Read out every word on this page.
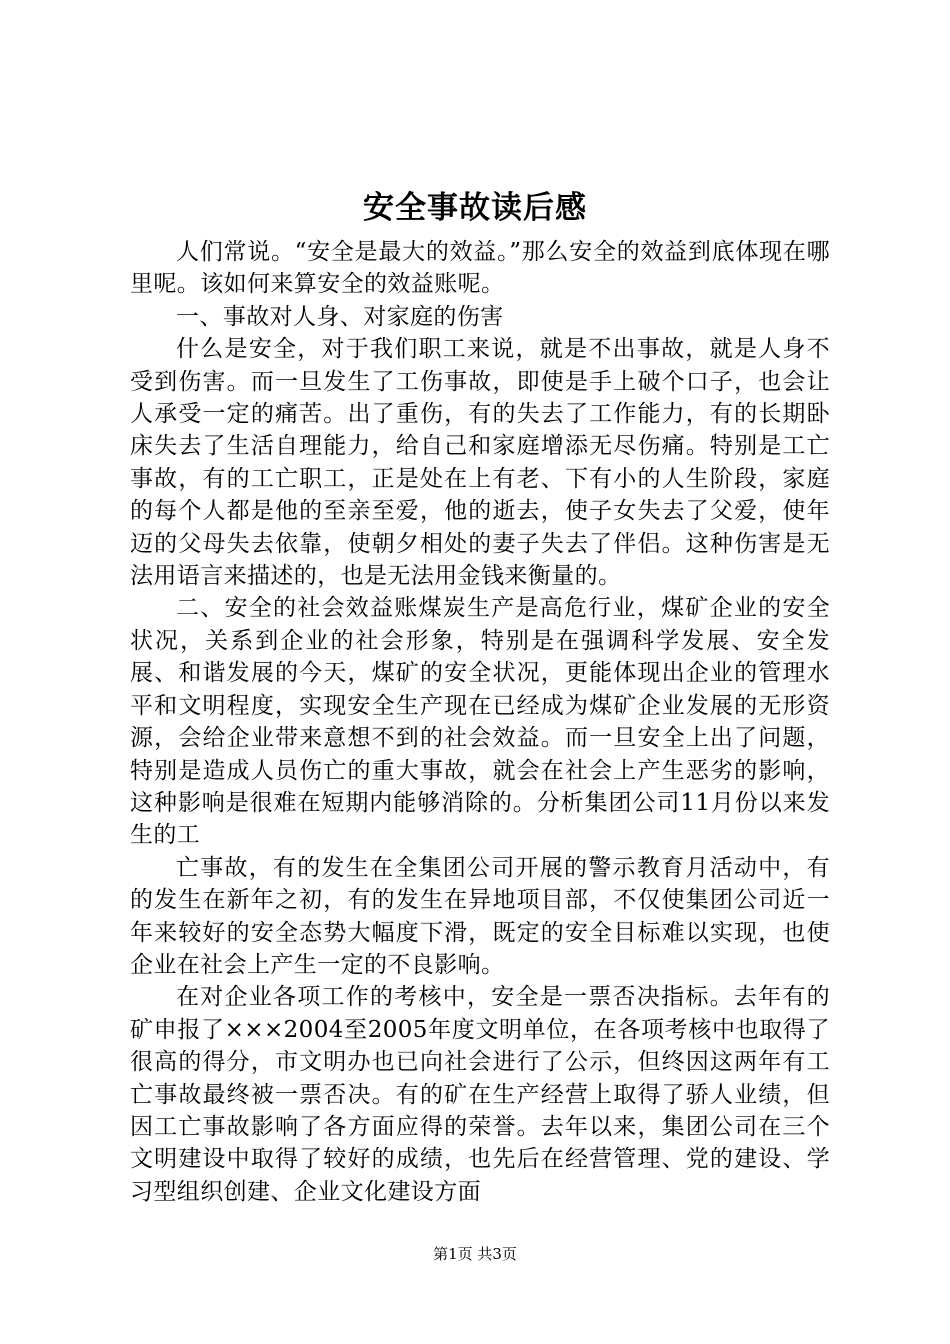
安全事故读后感

人们常说。“安全是最大的效益。”那么安全的效益到底体现在哪里呢。该如何来算安全的效益账呢。

一、事故对人身、对家庭的伤害

什么是安全，对于我们职工来说，就是不出事故，就是人身不受到伤害。而一旦发生了工伤事故，即使是手上破个口子，也会让人承受一定的痛苦。出了重伤，有的失去了工作能力，有的长期卧床失去了生活自理能力，给自己和家庭增添无尽伤痛。特别是工亡事故，有的工亡职工，正是处在上有老、下有小的人生阶段，家庭的每个人都是他的至亲至爱，他的逝去，使子女失去了父爱，使年迈的父母失去依靠，使朝夕相处的妻子失去了伴侣。这种伤害是无法用语言来描述的，也是无法用金钱来衡量的。

二、安全的社会效益账煤炭生产是高危行业，煤矿企业的安全状况，关系到企业的社会形象，特别是在强调科学发展、安全发展、和谐发展的今天，煤矿的安全状况，更能体现出企业的管理水平和文明程度，实现安全生产现在已经成为煤矿企业发展的无形资源，会给企业带来意想不到的社会效益。而一旦安全上出了问题，特别是造成人员伤亡的重大事故，就会在社会上产生恶劣的影响，这种影响是很难在短期内能够消除的。分析集团公司11月份以来发生的工

亡事故，有的发生在全集团公司开展的警示教育月活动中，有的发生在新年之初，有的发生在异地项目部，不仅使集团公司近一年来较好的安全态势大幅度下滑，既定的安全目标难以实现，也使企业在社会上产生一定的不良影响。

在对企业各项工作的考核中，安全是一票否决指标。去年有的矿申报了×××2004至2005年度文明单位，在各项考核中也取得了很高的得分，市文明办也已向社会进行了公示，但终因这两年有工亡事故最终被一票否决。有的矿在生产经营上取得了骄人业绩，但因工亡事故影响了各方面应得的荣誉。去年以来，集团公司在三个文明建设中取得了较好的成绩，也先后在经营管理、党的建设、学习型组织创建、企业文化建设方面

第1页 共3页
